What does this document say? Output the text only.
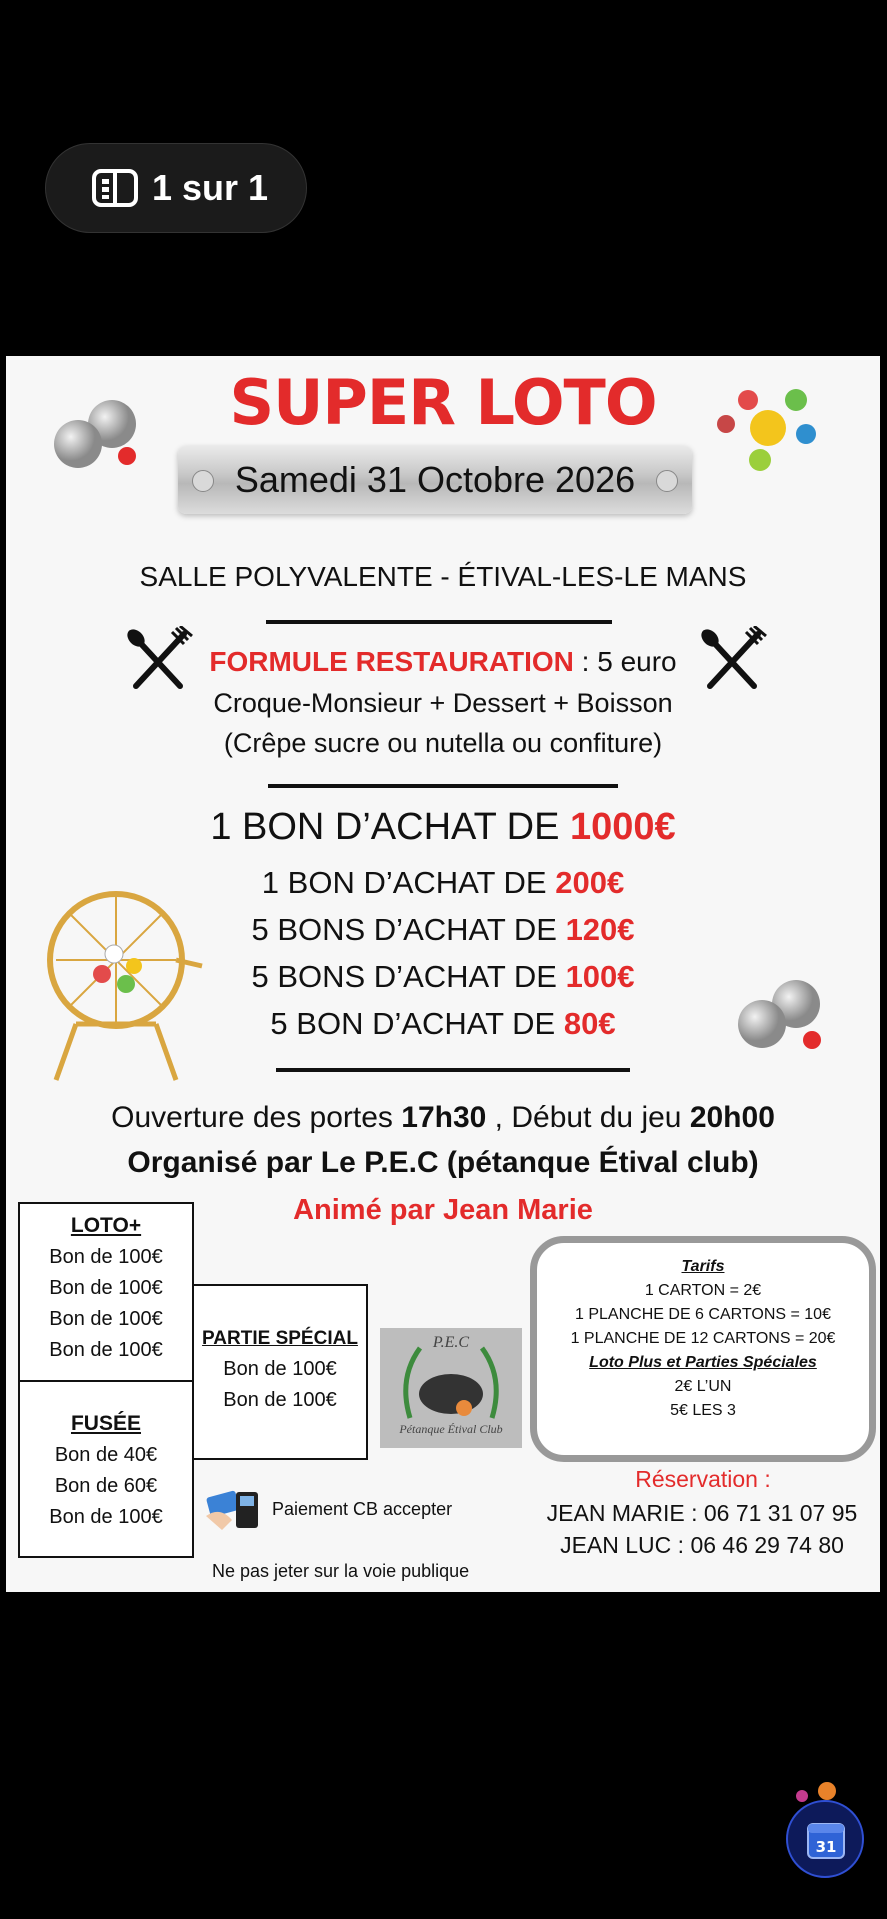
1 sur 1
SUPER LOTO
Samedi 31 Octobre 2026
SALLE POLYVALENTE - ÉTIVAL-LES-LE MANS
FORMULE RESTAURATION : 5 euro
Croque-Monsieur + Dessert + Boisson
(Crêpe sucre ou nutella ou confiture)
1 BON D’ACHAT DE 1000€
1 BON D’ACHAT DE 200€
5 BONS D’ACHAT DE 120€
5 BONS D’ACHAT DE 100€
5 BON D’ACHAT DE 80€
Ouverture des portes 17h30 , Début du jeu 20h00
Organisé par Le P.E.C (pétanque Étival club)
Animé par Jean Marie
LOTO+
Bon de 100€
Bon de 100€
Bon de 100€
Bon de 100€
FUSÉE
Bon de 40€
Bon de 60€
Bon de 100€
PARTIE SPÉCIAL
Bon de 100€
Bon de 100€
P.E.C
Pétanque Étival Club
Tarifs
1 CARTON = 2€
1 PLANCHE DE 6 CARTONS = 10€
1 PLANCHE DE 12 CARTONS = 20€
Loto Plus et Parties Spéciales
2€ L’UN
5€ LES 3
Paiement CB accepter
Réservation :
JEAN MARIE : 06 71 31 07 95
JEAN LUC : 06 46 29 74 80
Ne pas jeter sur la voie publique
31
